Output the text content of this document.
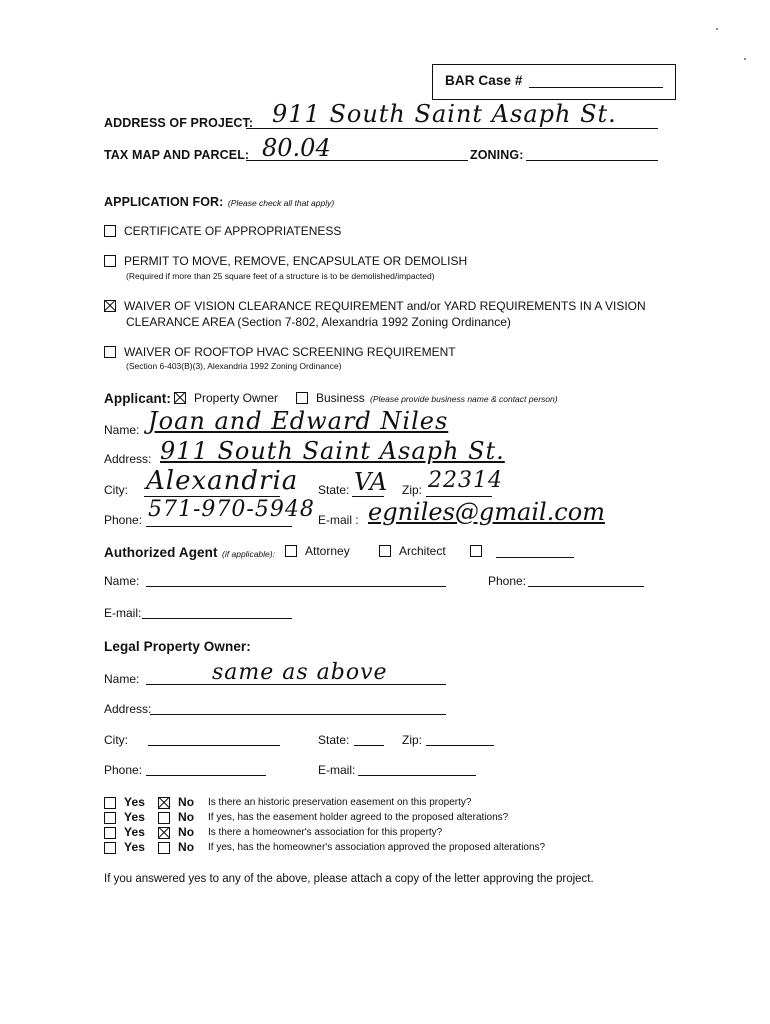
BAR Case #
ADDRESS OF PROJECT: 911 South Saint Asaph St.
TAX MAP AND PARCEL: 80.04	ZONING:
APPLICATION FOR: (Please check all that apply)
CERTIFICATE OF APPROPRIATENESS
PERMIT TO MOVE, REMOVE, ENCAPSULATE OR DEMOLISH
(Required if more than 25 square feet of a structure is to be demolished/impacted)
WAIVER OF VISION CLEARANCE REQUIREMENT and/or YARD REQUIREMENTS IN A VISION
CLEARANCE AREA (Section 7-802, Alexandria 1992 Zoning Ordinance)
WAIVER OF ROOFTOP HVAC SCREENING REQUIREMENT
(Section 6-403(B)(3), Alexandria 1992 Zoning Ordinance)
Applicant: Property Owner	Business (Please provide business name & contact person)
Name: Joan and Edward Niles
Address: 911 South Saint Asaph St.
City: Alexandria State: VA Zip: 22314
Phone: 571-970-5948 E-mail : egniles@gmail.com
Authorized Agent (if applicable):	Attorney	Architect
Name:	Phone:
E-mail:
Legal Property Owner:
Name:	same as above
Address:
City:	State:	Zip:
Phone:	E-mail:
Yes	No Is there an historic preservation easement on this property?
Yes	No If yes, has the easement holder agreed to the proposed alterations?
Yes	No Is there a homeowner's association for this property?
Yes	No If yes, has the homeowner's association approved the proposed alterations?
If you answered yes to any of the above, please attach a copy of the letter approving the project.
